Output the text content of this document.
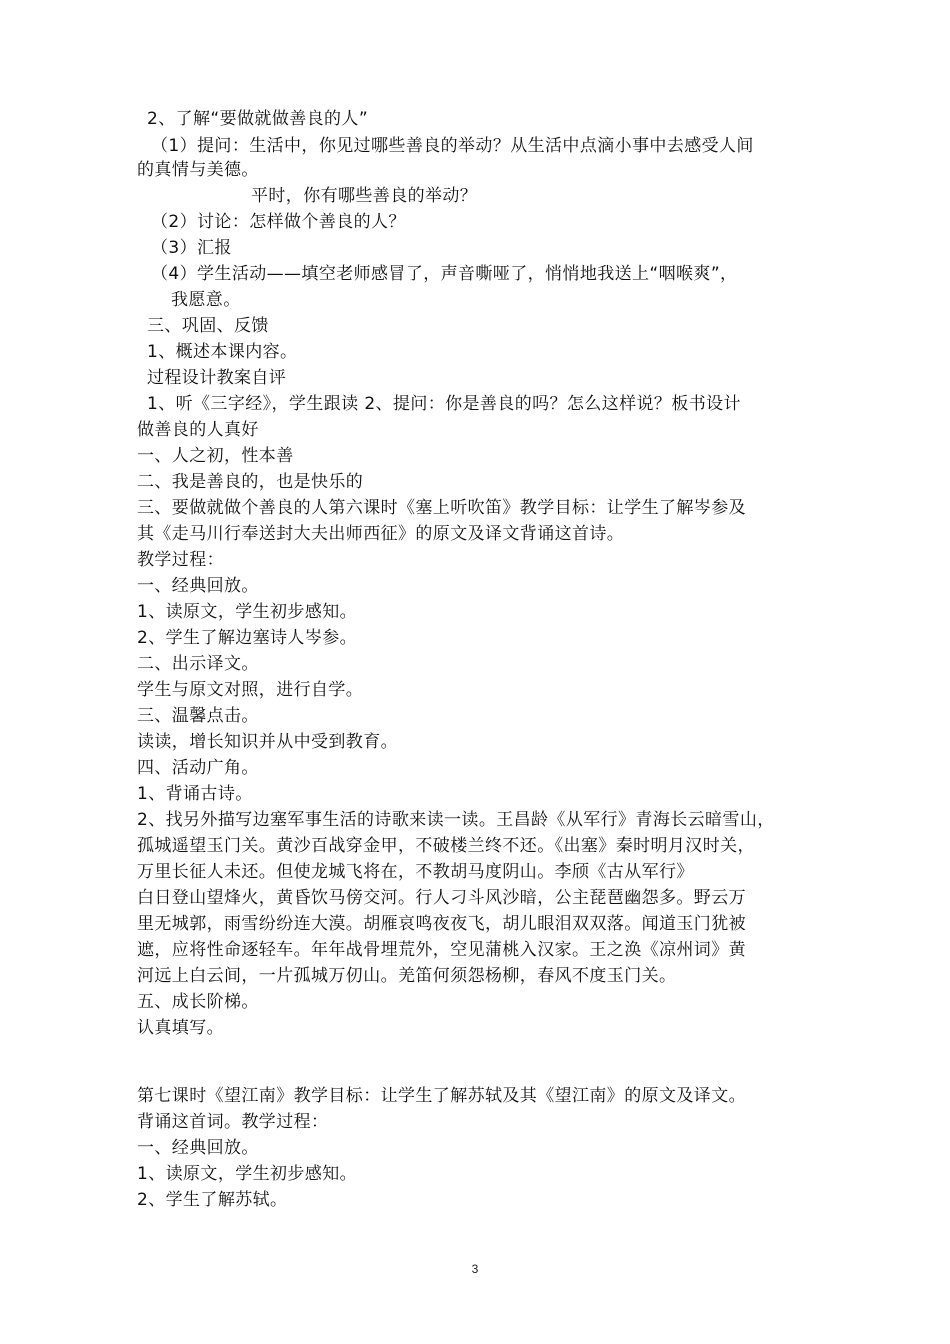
2、了解“要做就做善良的人”
（1）提问：生活中，你见过哪些善良的举动？从生活中点滴小事中去感受人间
的真情与美德。
平时，你有哪些善良的举动？
（2）讨论：怎样做个善良的人？
（3）汇报
（4）学生活动——填空老师感冒了，声音嘶哑了，悄悄地我送上“咽喉爽”，
我愿意。
三、巩固、反馈
1、概述本课内容。
过程设计教案自评
1、听《三字经》，学生跟读 2、提问：你是善良的吗？怎么这样说？板书设计
做善良的人真好
一、人之初，性本善
二、我是善良的，也是快乐的
三、要做就做个善良的人第六课时《塞上听吹笛》教学目标：让学生了解岑参及
其《走马川行奉送封大夫出师西征》的原文及译文背诵这首诗。
教学过程：
一、经典回放。
1、读原文，学生初步感知。
2、学生了解边塞诗人岑参。
二、出示译文。
学生与原文对照，进行自学。
三、温馨点击。
读读，增长知识并从中受到教育。
四、活动广角。
1、背诵古诗。
2、找另外描写边塞军事生活的诗歌来读一读。王昌龄《从军行》青海长云暗雪山，
孤城遥望玉门关。黄沙百战穿金甲，不破楼兰终不还。《出塞》秦时明月汉时关，
万里长征人未还。但使龙城飞将在，不教胡马度阴山。李颀《古从军行》
白日登山望烽火，黄昏饮马傍交河。行人刁斗风沙暗，公主琵琶幽怨多。野云万
里无城郭，雨雪纷纷连大漠。胡雁哀鸣夜夜飞，胡儿眼泪双双落。闻道玉门犹被
遮，应将性命逐轻车。年年战骨埋荒外，空见蒲桃入汉家。王之涣《凉州词》黄
河远上白云间，一片孤城万仞山。羌笛何须怨杨柳，春风不度玉门关。
五、成长阶梯。
认真填写。
第七课时《望江南》教学目标：让学生了解苏轼及其《望江南》的原文及译文。
背诵这首词。教学过程：
一、经典回放。
1、读原文，学生初步感知。
2、学生了解苏轼。
3
